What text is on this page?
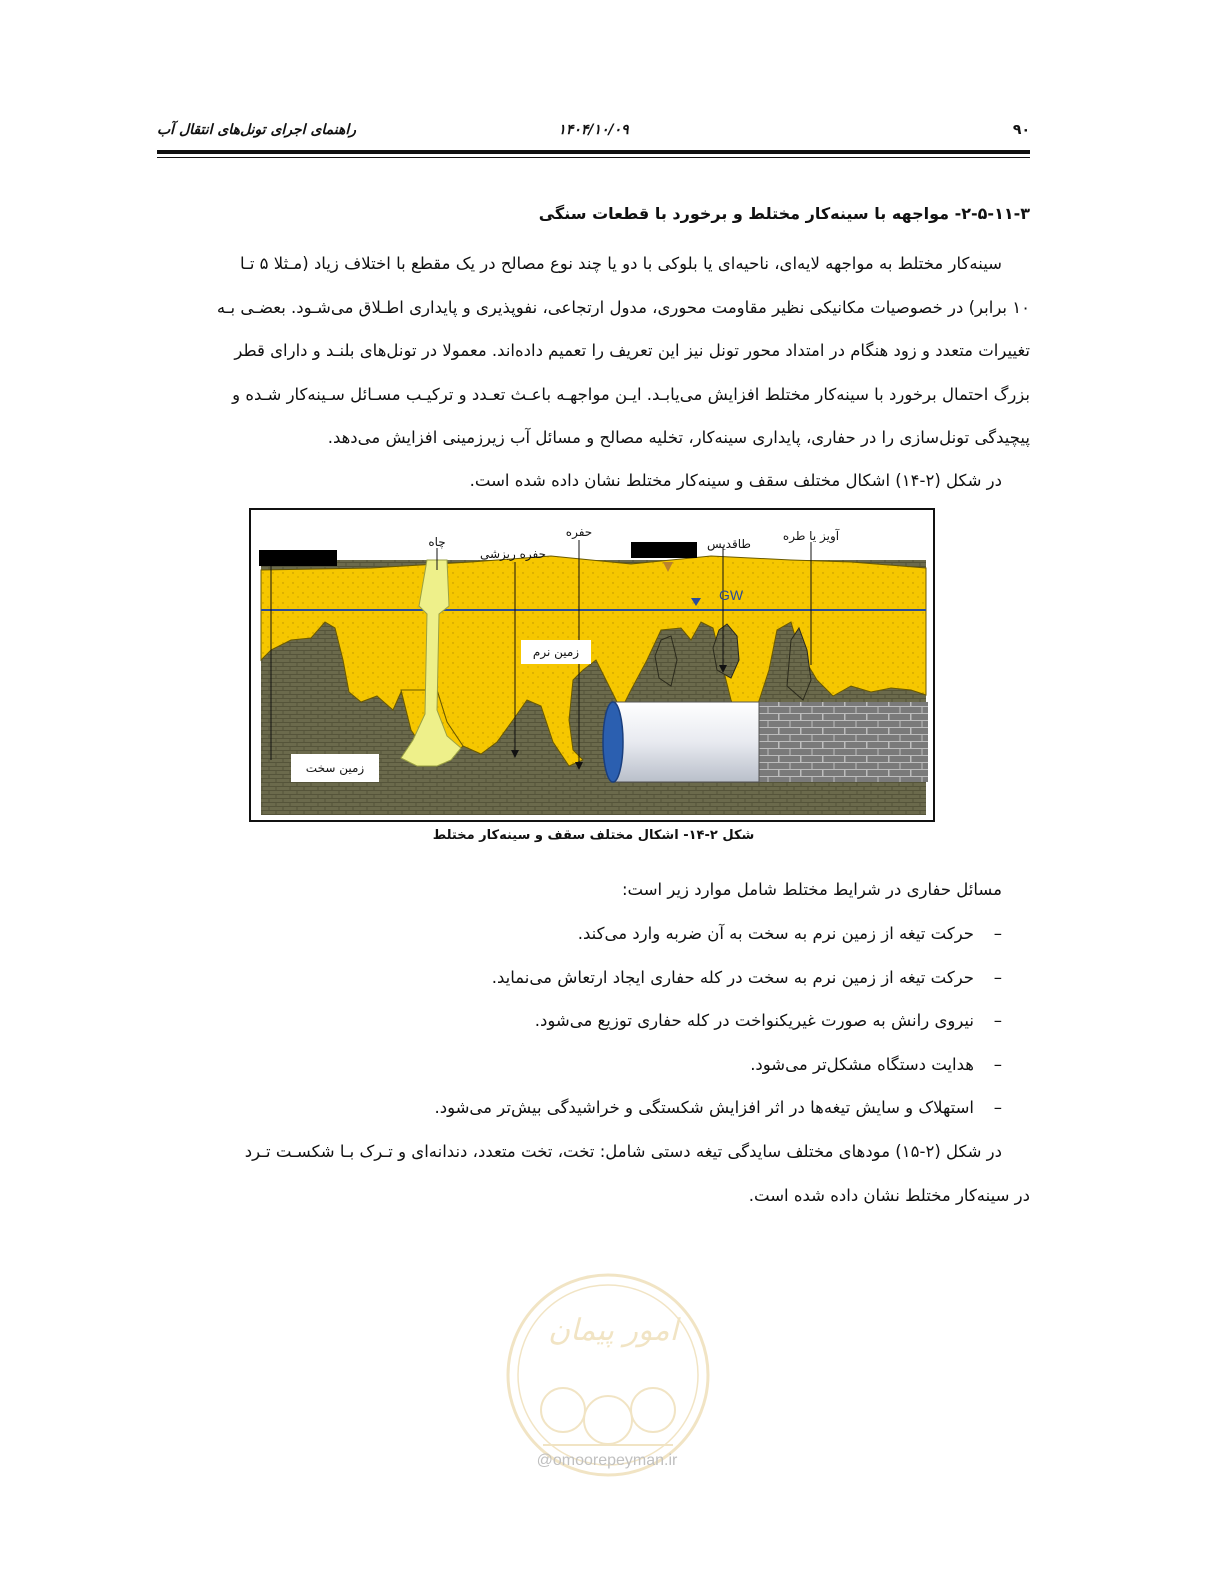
۹۰
۱۴۰۴/۱۰/۰۹
راهنمای اجرای تونل‌های انتقال آب
۲-۵-۱۱-۳- مواجهه با سینه‌کار مختلط و برخورد با قطعات سنگی
سینه‌کار مختلط به مواجهه لایه‌ای، ناحیه‌ای یا بلوکی با دو یا چند نوع مصالح در یک مقطع با اختلاف زیاد (مـثلا ۵ تـا
۱۰ برابر) در خصوصیات مکانیکی نظیر مقاومت محوری، مدول ارتجاعی، نفوپذیری و پایداری اطـلاق می‌شـود. بعضـی بـه
تغییرات متعدد و زود هنگام در امتداد محور تونل نیز این تعریف را تعمیم داده‌اند. معمولا در تونل‌های بلنـد و دارای قطر
بزرگ احتمال برخورد با سینه‌کار مختلط افزایش می‌یابـد. ایـن مواجهـه باعـث تعـدد و ترکیـب مسـائل سـینه‌کار شـده و
پیچیدگی تونل‌سازی را در حفاری، پایداری سینه‌کار، تخلیه مصالح و مسائل آب زیرزمینی افزایش می‌دهد.
در شکل (۲-۱۴) اشکال مختلف سقف و سینه‌کار مختلط نشان داده شده است.
آویز یا طره
طاقدیس
حفره
حفره ریزشی
چاه
GW
زمین نرم
زمین سخت
شکل ۲-۱۴- اشکال مختلف سقف و سینه‌کار مختلط
مسائل حفاری در شرایط مختلط شامل موارد زیر است:
–
حرکت تیغه از زمین نرم به سخت به آن ضربه وارد می‌کند.
–
حرکت تیغه از زمین نرم به سخت در کله حفاری ایجاد ارتعاش می‌نماید.
–
نیروی رانش به صورت غیریکنواخت در کله حفاری توزیع می‌شود.
–
هدایت دستگاه مشکل‌تر می‌شود.
–
استهلاک و سایش تیغه‌ها در اثر افزایش شکستگی و خراشیدگی بیش‌تر می‌شود.
در شکل (۲-۱۵) مودهای مختلف سایدگی تیغه دستی شامل: تخت، تخت متعدد، دندانه‌ای و تـرک بـا شکسـت تـرد
در سینه‌کار مختلط نشان داده شده است.
امور پیمان
@omoorepeyman.ir
